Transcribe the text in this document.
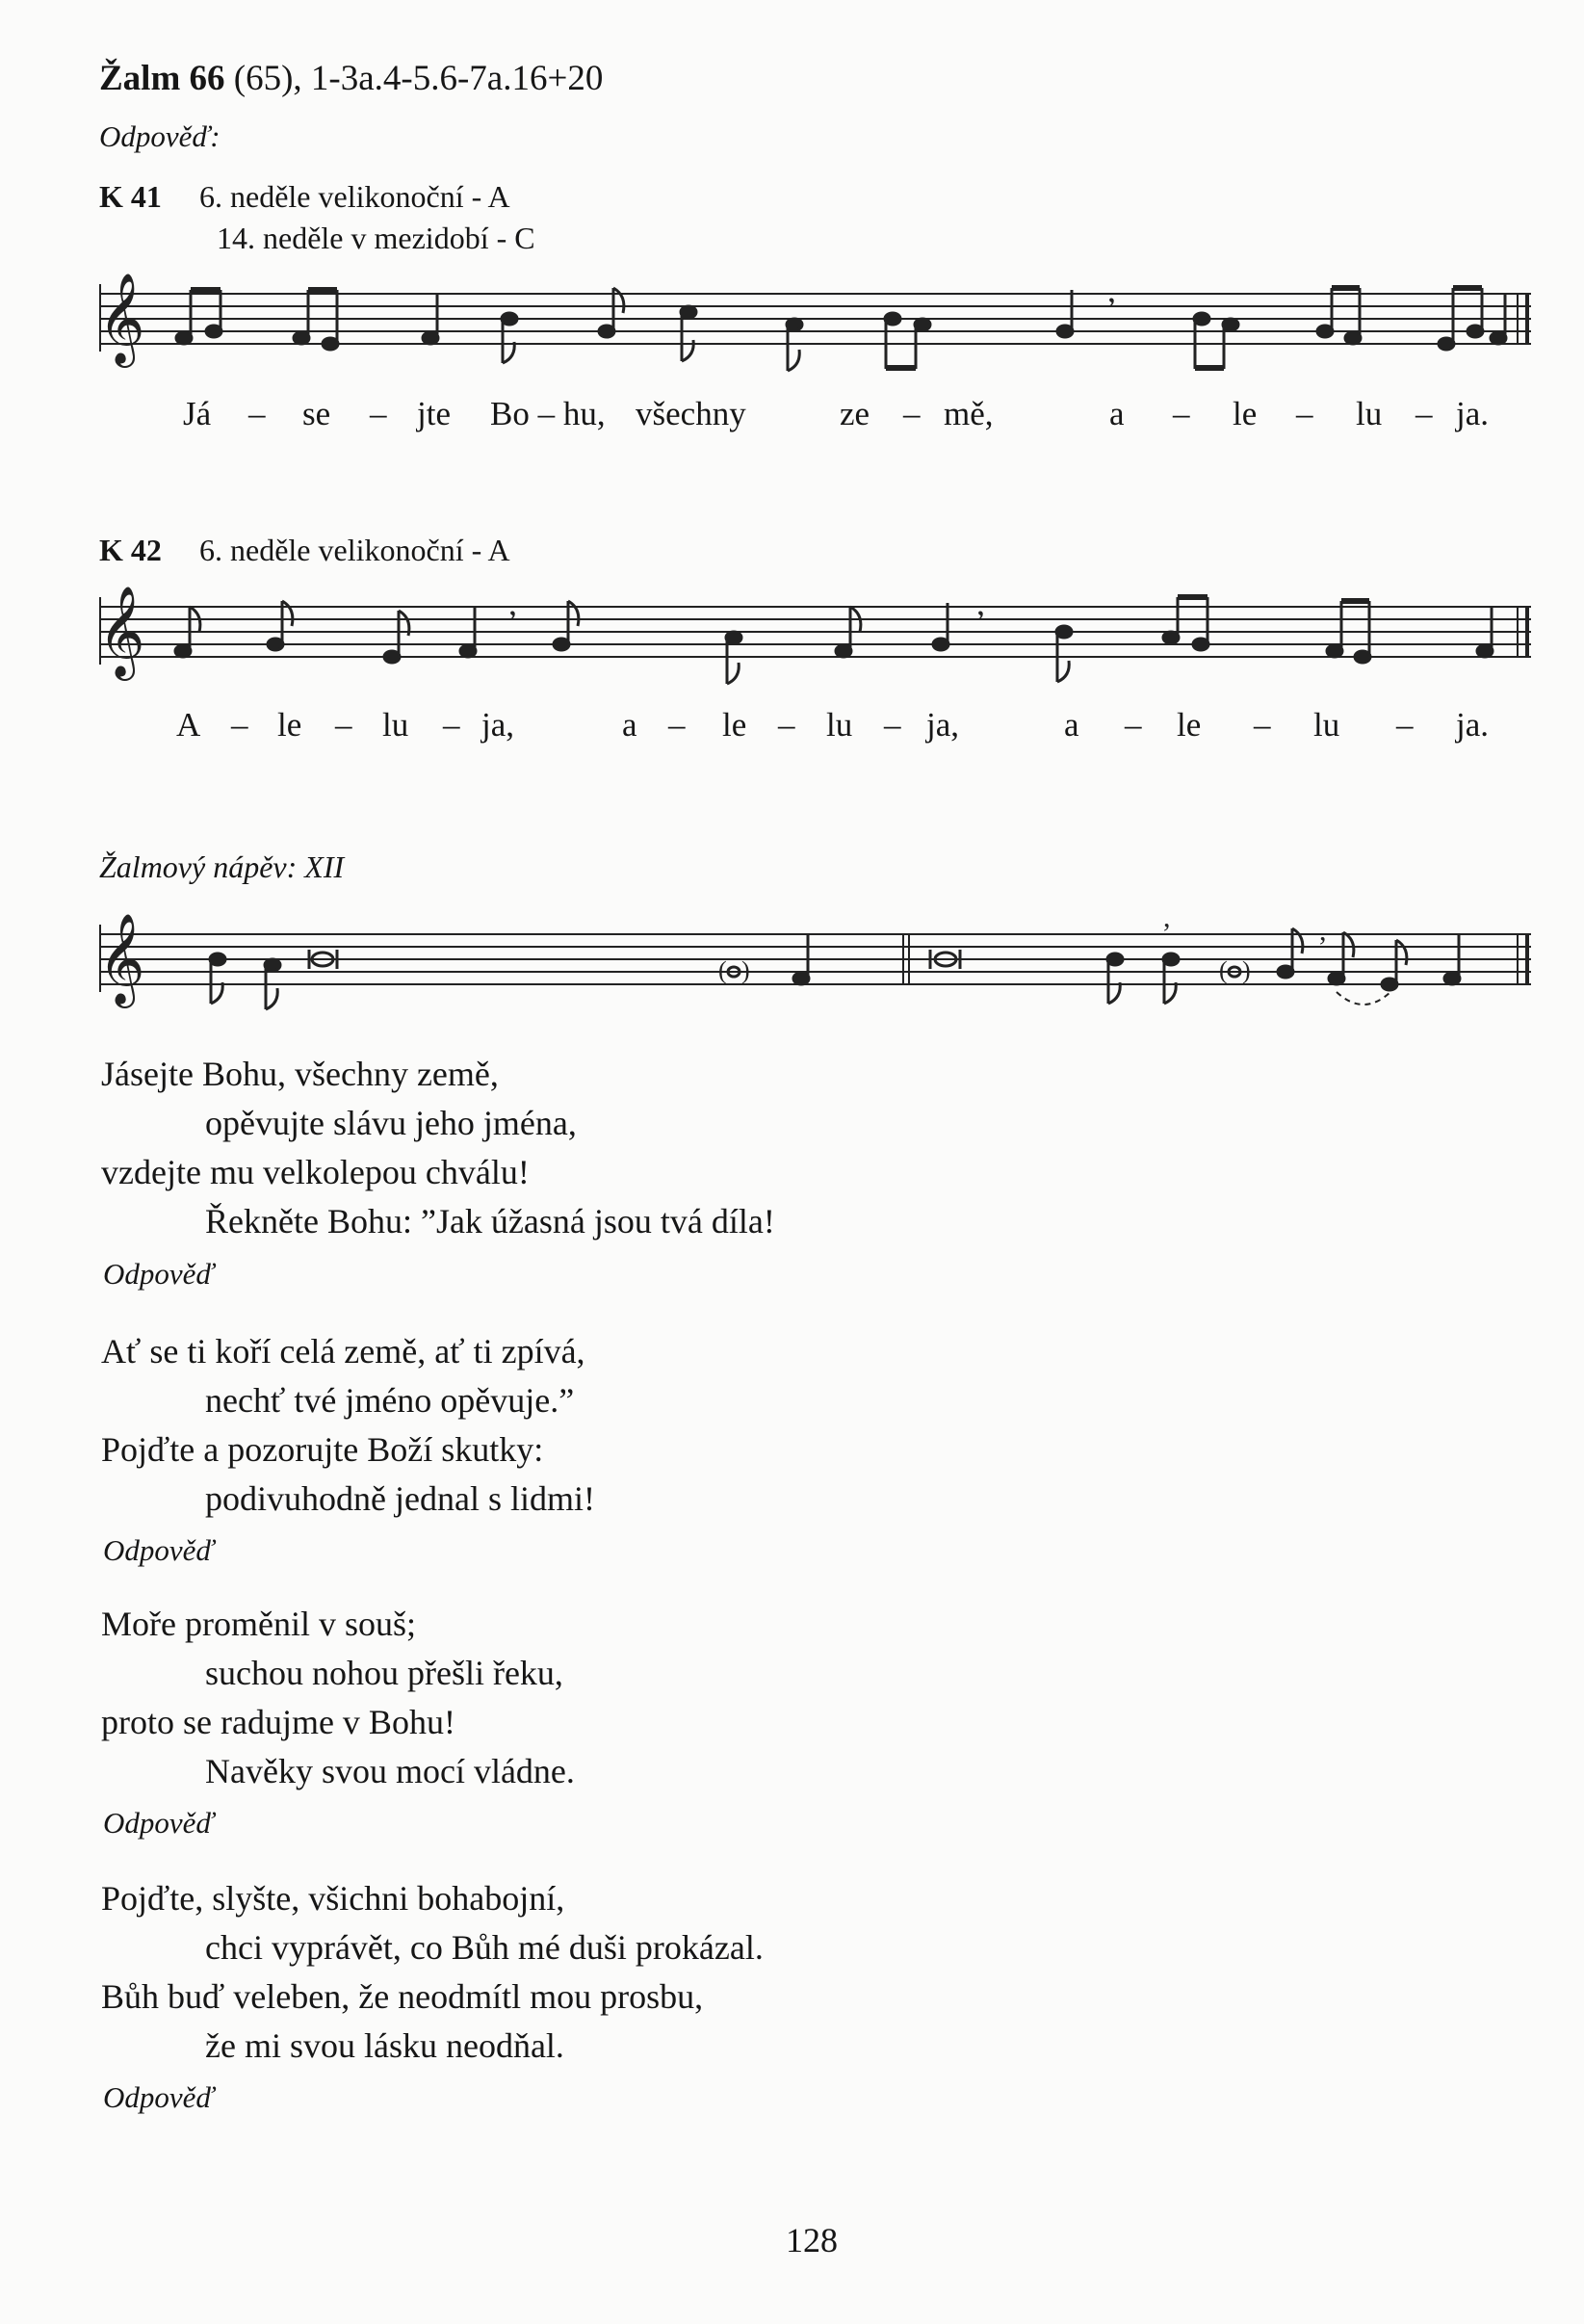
Žalm 66 (65), 1-3a.4-5.6-7a.16+20
Odpověď:
K 41 6. neděle velikonoční - A
14. neděle v mezidobí - C
𝄞	,
Já – se – jte Bo – hu, všechny	ze – mě,	a – le – lu – ja.
K 42 6. neděle velikonoční - A
𝄞	,	,
A – le – lu – ja,	a – le – lu – ja,	a – le – lu – ja.
Žalmový nápěv: XII
𝄞	( )
,
( )
,
Jásejte Bohu, všechny země,
opěvujte slávu jeho jména,
vzdejte mu velkolepou chválu!
Řekněte Bohu: ”Jak úžasná jsou tvá díla!
Odpověď
Ať se ti koří celá země, ať ti zpívá,
nechť tvé jméno opěvuje.”
Pojďte a pozorujte Boží skutky:
podivuhodně jednal s lidmi!
Odpověď
Moře proměnil v souš;
suchou nohou přešli řeku,
proto se radujme v Bohu!
Navěky svou mocí vládne.
Odpověď
Pojďte, slyšte, všichni bohabojní,
chci vyprávět, co Bůh mé duši prokázal.
Bůh buď veleben, že neodmítl mou prosbu,
že mi svou lásku neodňal.
Odpověď
128
